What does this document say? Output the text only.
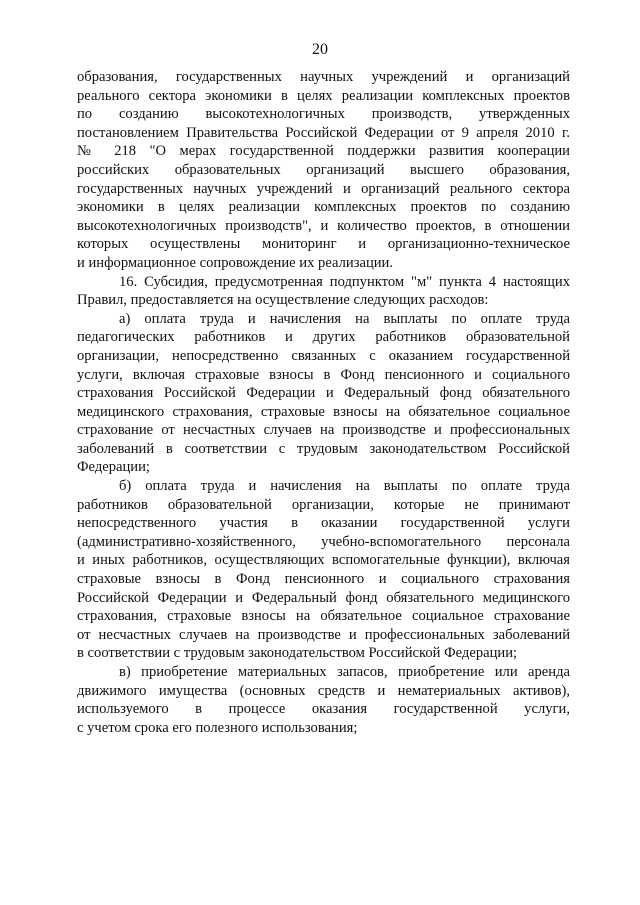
20
образования, государственных научных учреждений и организаций
реального сектора экономики в целях реализации комплексных проектов
по созданию высокотехнологичных производств, утвержденных
постановлением Правительства Российской Федерации от 9 апреля 2010 г.
№ 218 "О мерах государственной поддержки развития кооперации
российских образовательных организаций высшего образования,
государственных научных учреждений и организаций реального сектора
экономики в целях реализации комплексных проектов по созданию
высокотехнологичных производств", и количество проектов, в отношении
которых осуществлены мониторинг и организационно-техническое
и информационное сопровождение их реализации.
16. Субсидия, предусмотренная подпунктом "м" пункта 4 настоящих
Правил, предоставляется на осуществление следующих расходов:
а) оплата труда и начисления на выплаты по оплате труда
педагогических работников и других работников образовательной
организации, непосредственно связанных с оказанием государственной
услуги, включая страховые взносы в Фонд пенсионного и социального
страхования Российской Федерации и Федеральный фонд обязательного
медицинского страхования, страховые взносы на обязательное социальное
страхование от несчастных случаев на производстве и профессиональных
заболеваний в соответствии с трудовым законодательством Российской
Федерации;
б) оплата труда и начисления на выплаты по оплате труда
работников образовательной организации, которые не принимают
непосредственного участия в оказании государственной услуги
(административно-хозяйственного, учебно-вспомогательного персонала
и иных работников, осуществляющих вспомогательные функции), включая
страховые взносы в Фонд пенсионного и социального страхования
Российской Федерации и Федеральный фонд обязательного медицинского
страхования, страховые взносы на обязательное социальное страхование
от несчастных случаев на производстве и профессиональных заболеваний
в соответствии с трудовым законодательством Российской Федерации;
в) приобретение материальных запасов, приобретение или аренда
движимого имущества (основных средств и нематериальных активов),
используемого в процессе оказания государственной услуги,
с учетом срока его полезного использования;
